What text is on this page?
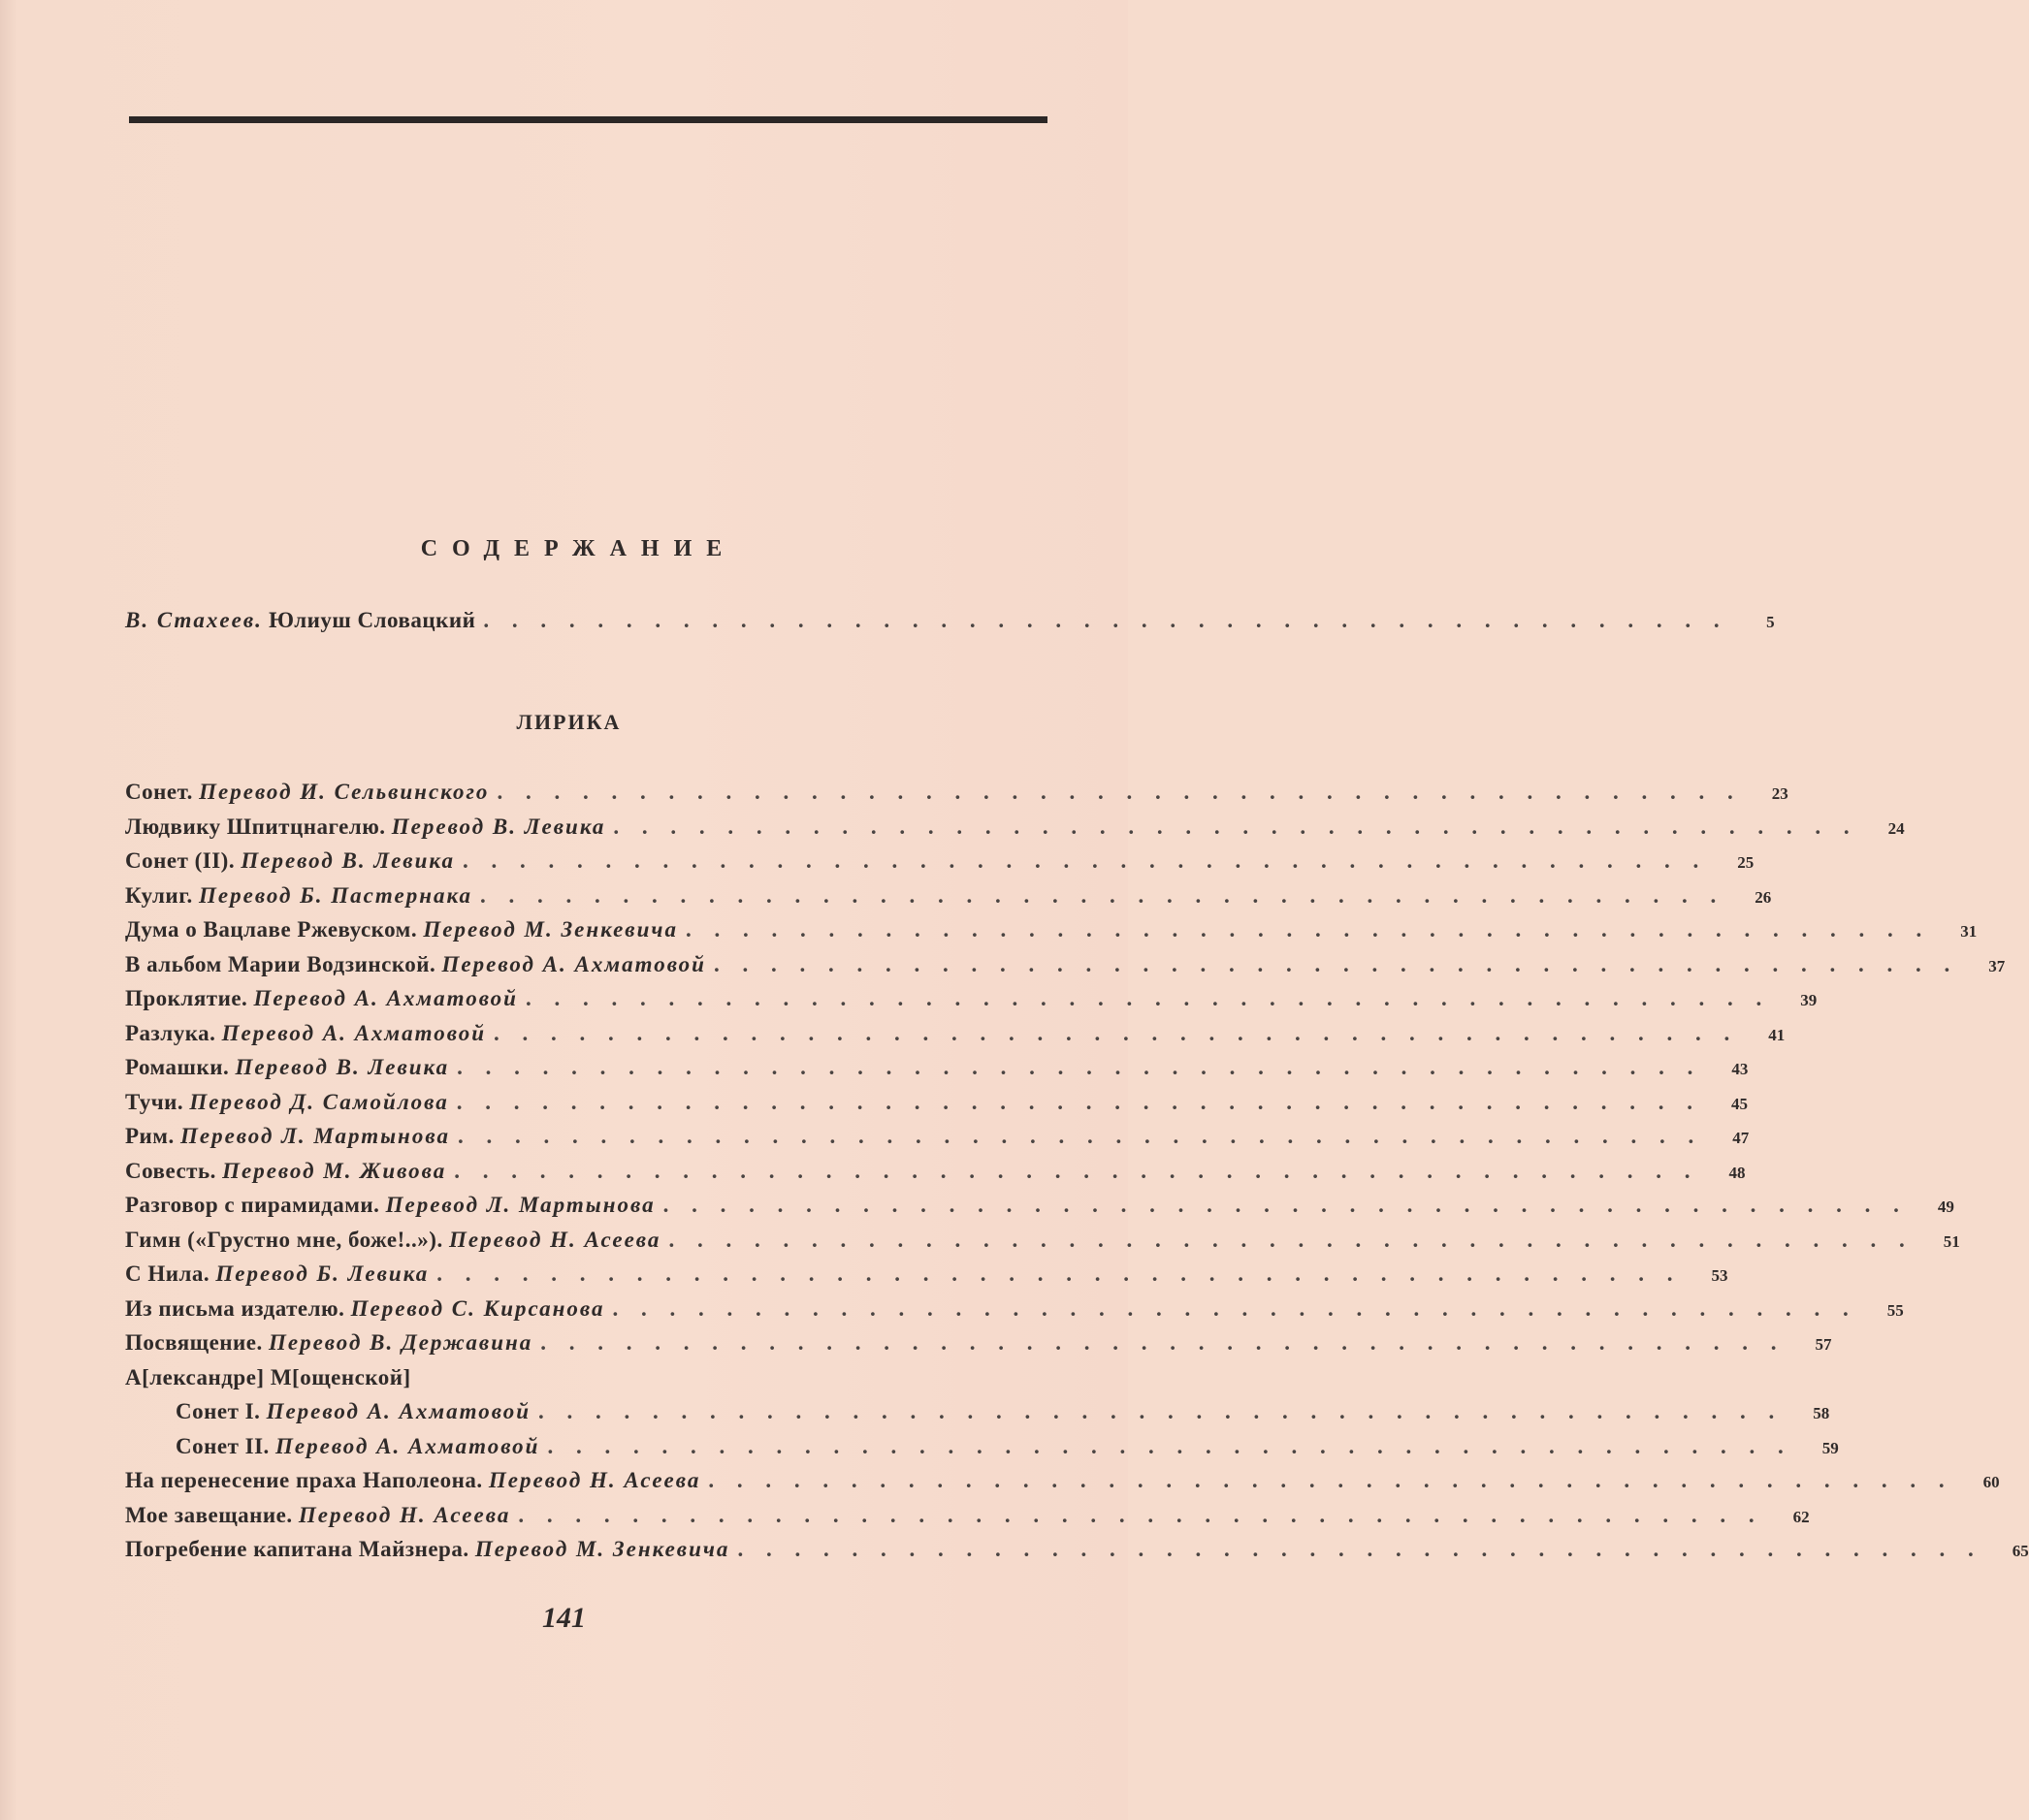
СОДЕРЖАНИЕ
В. Стахеев. Юлиуш Словацкий . . .	5
ЛИРИКА
Сонет. Перевод И. Сельвинского . . .	23
Людвику Шпитцнагелю. Перевод В. Левика . . .	24
Сонет (II). Перевод В. Левика . . .	25
Кулиг. Перевод Б. Пастернака . . .	26
Дума о Вацлаве Ржевуском. Перевод М. Зенкевича . . .	31
В альбом Марии Водзинской. Перевод А. Ахматовой . . .	37
Проклятие. Перевод А. Ахматовой . . .	39
Разлука. Перевод А. Ахматовой . . .	41
Ромашки. Перевод В. Левика . . .	43
Тучи. Перевод Д. Самойлова . . .	45
Рим. Перевод Л. Мартынова . . .	47
Совесть. Перевод М. Живова . . .	48
Разговор с пирамидами. Перевод Л. Мартынова . . .	49
Гимн («Грустно мне, боже!..»). Перевод Н. Асеева . . .	51
С Нила. Перевод Б. Левика . . .	53
Из письма издателю. Перевод С. Кирсанова . . .	55
Посвящение. Перевод В. Державина . . .	57
А[лександре] М[ощенской]
Сонет I. Перевод А. Ахматовой . . .	58
Сонет II. Перевод А. Ахматовой . . .	59
На перенесение праха Наполеона. Перевод Н. Асеева . . .	60
Мое завещание. Перевод Н. Асеева . . .	62
Погребение капитана Майзнера. Перевод М. Зенкевича . . .	65
141
